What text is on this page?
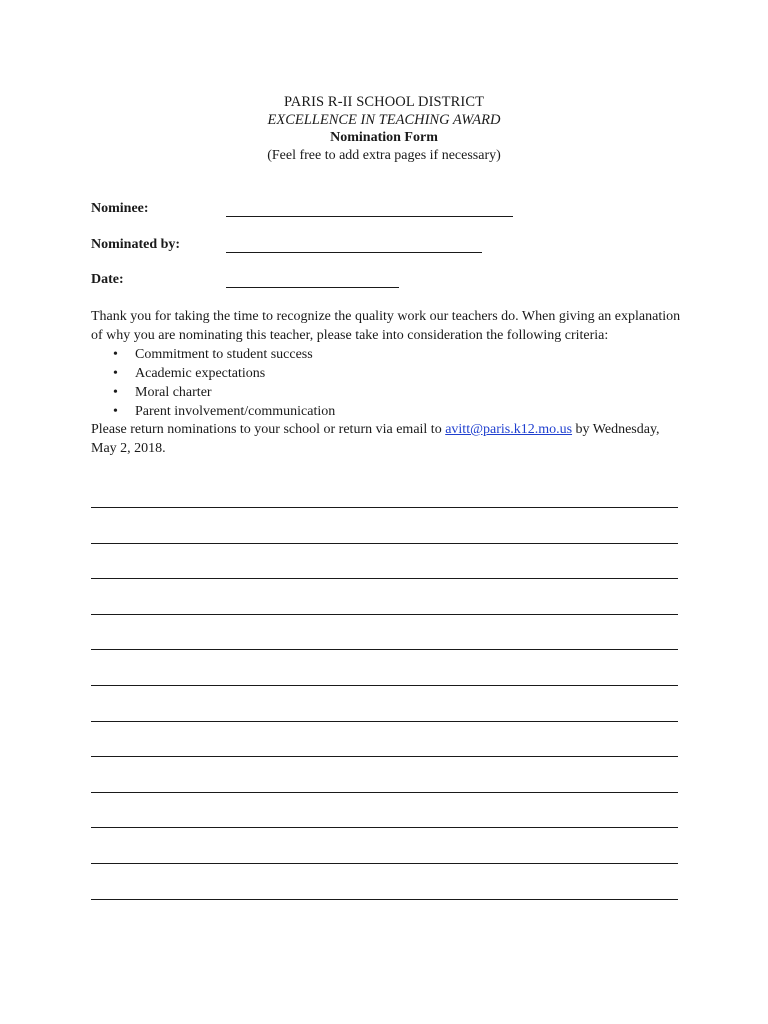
PARIS R-II SCHOOL DISTRICT
EXCELLENCE IN TEACHING AWARD
Nomination Form
(Feel free to add extra pages if necessary)
Nominee:
Nominated by:
Date:

Thank you for taking the time to recognize the quality work our teachers do. When giving an explanation of why you are nominating this teacher, please take into consideration the following criteria:

• Commitment to student success
• Academic expectations
• Moral charter
• Parent involvement/communication

Please return nominations to your school or return via email to avitt@paris.k12.mo.us by Wednesday, May 2, 2018.
